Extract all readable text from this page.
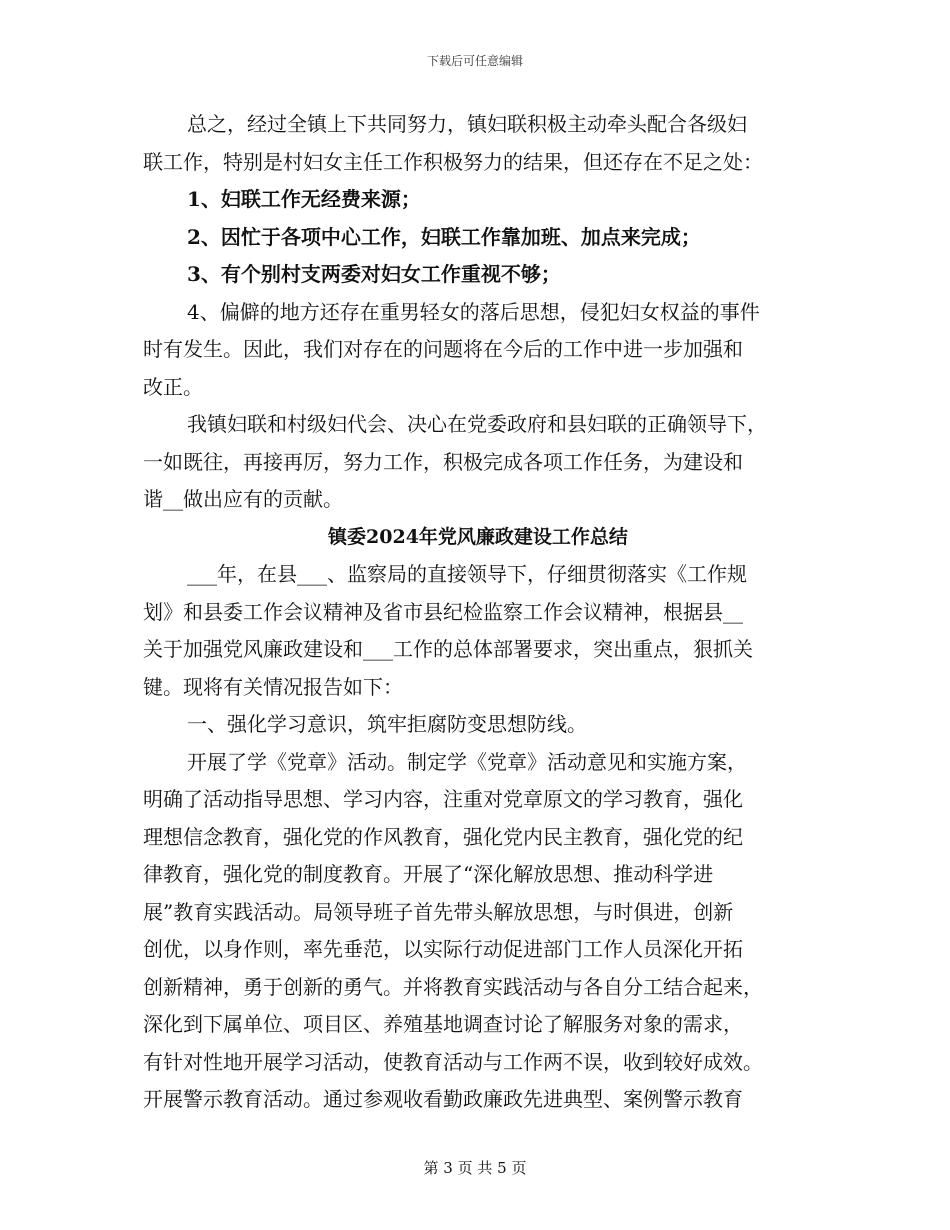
下载后可任意编辑
总之，经过全镇上下共同努力，镇妇联积极主动牵头配合各级妇
联工作，特别是村妇女主任工作积极努力的结果，但还存在不足之处：
1、妇联工作无经费来源；
2、因忙于各项中心工作，妇联工作靠加班、加点来完成；
3、有个别村支两委对妇女工作重视不够；
4、偏僻的地方还存在重男轻女的落后思想，侵犯妇女权益的事件
时有发生。因此，我们对存在的问题将在今后的工作中进一步加强和
改正。
我镇妇联和村级妇代会、决心在党委政府和县妇联的正确领导下，
一如既往，再接再厉，努力工作，积极完成各项工作任务，为建设和
谐__做出应有的贡献。
镇委2024年党风廉政建设工作总结
___年，在县___、监察局的直接领导下，仔细贯彻落实《工作规
划》和县委工作会议精神及省市县纪检监察工作会议精神，根据县__
关于加强党风廉政建设和___工作的总体部署要求，突出重点，狠抓关
键。现将有关情况报告如下：
一、强化学习意识，筑牢拒腐防变思想防线。
开展了学《党章》活动。制定学《党章》活动意见和实施方案，
明确了活动指导思想、学习内容，注重对党章原文的学习教育，强化
理想信念教育，强化党的作风教育，强化党内民主教育，强化党的纪
律教育，强化党的制度教育。开展了“深化解放思想、推动科学进
展”教育实践活动。局领导班子首先带头解放思想，与时俱进，创新
创优，以身作则，率先垂范，以实际行动促进部门工作人员深化开拓
创新精神，勇于创新的勇气。并将教育实践活动与各自分工结合起来，
深化到下属单位、项目区、养殖基地调查讨论了解服务对象的需求，
有针对性地开展学习活动，使教育活动与工作两不误，收到较好成效。
开展警示教育活动。通过参观收看勤政廉政先进典型、案例警示教育
第 3 页 共 5 页
